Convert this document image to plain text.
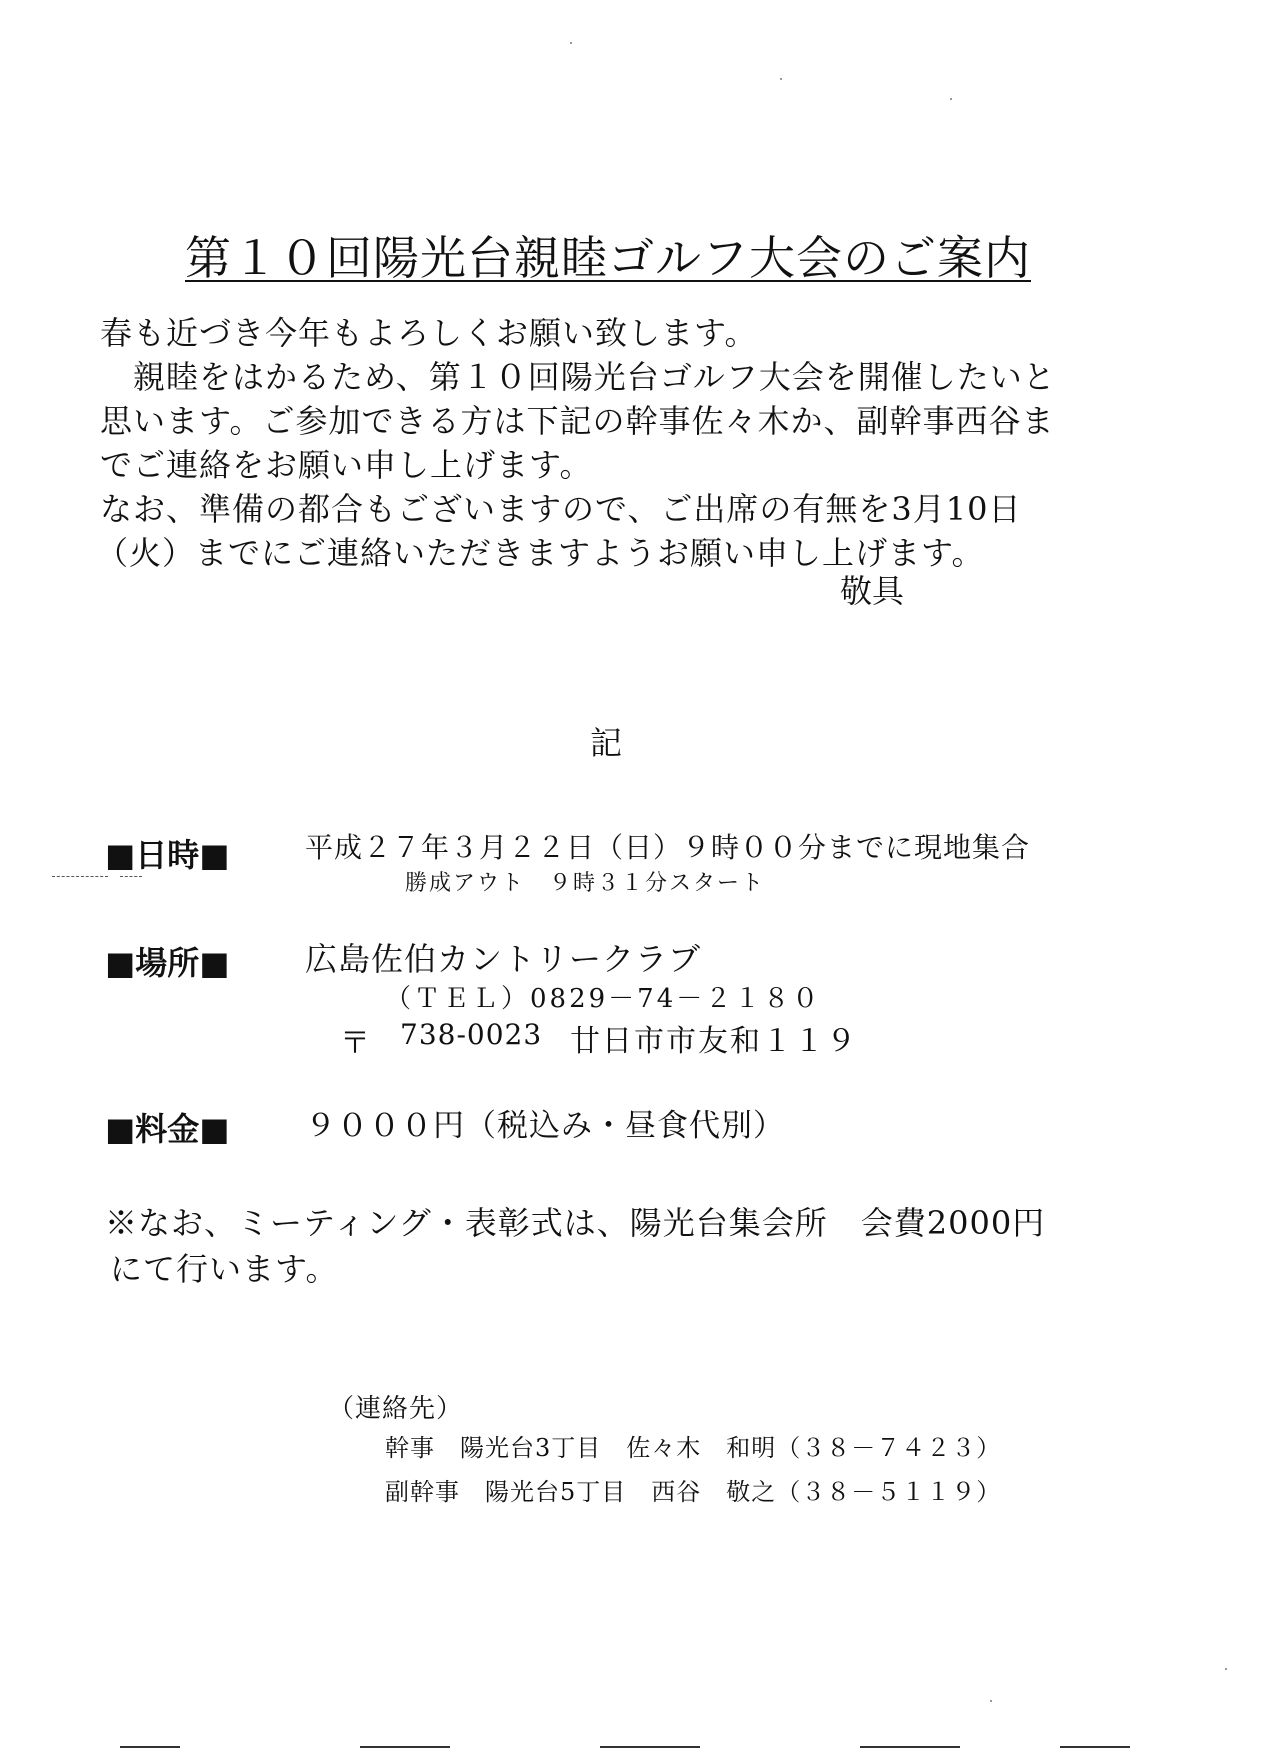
第１０回陽光台親睦ゴルフ大会のご案内
春も近づき今年もよろしくお願い致します。
　親睦をはかるため、第１０回陽光台ゴルフ大会を開催したいと
思います。ご参加できる方は下記の幹事佐々木か、副幹事西谷ま
でご連絡をお願い申し上げます。
なお、準備の都合もございますので、ご出席の有無を3月10日
（火）までにご連絡いただきますようお願い申し上げます。
敬具
記
■日時■	平成２７年３月２２日（日）９時００分までに現地集合
勝成アウト　９時３１分スタート
■場所■ 広島佐伯カントリークラブ
（ＴＥＬ）0829－74－２１８０
〒 738-0023 廿日市市友和１１９
■料金■ ９０００円（税込み・昼食代別）
※なお、ミーティング・表彰式は、陽光台集会所　会費2000円
にて行います。
（連絡先）
幹事　陽光台3丁目　佐々木　和明（３８－７４２３）
副幹事　陽光台5丁目　西谷　敬之（３８－５１１９）
